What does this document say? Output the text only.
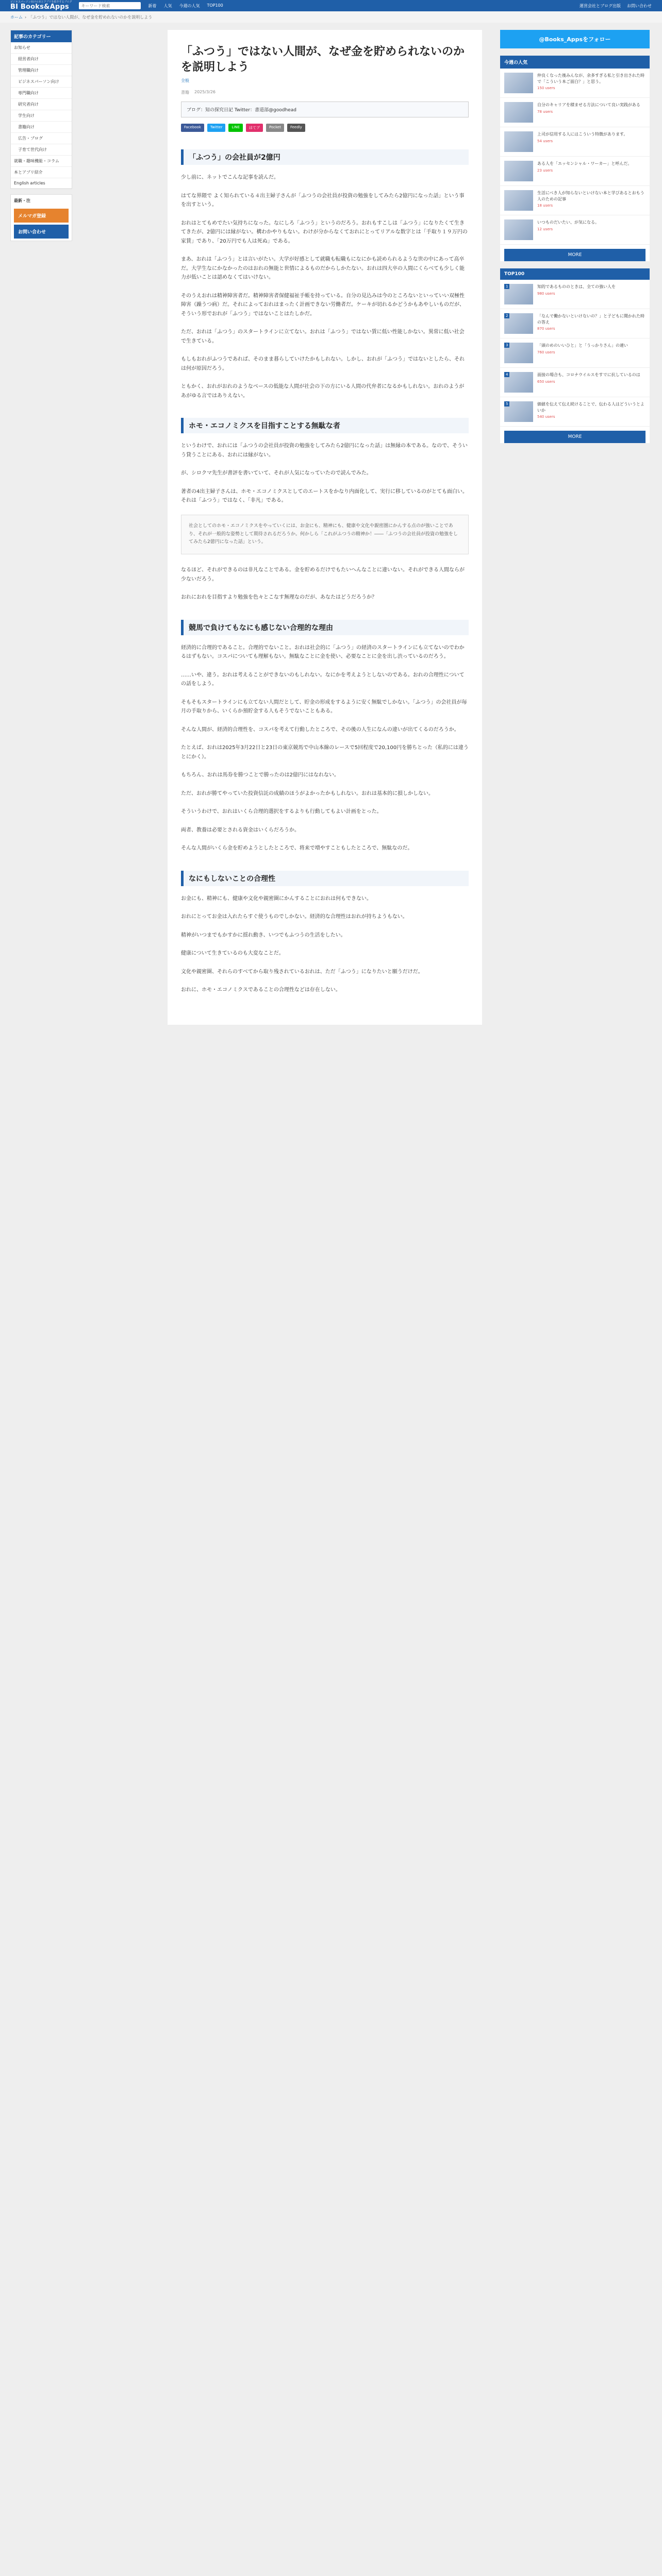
ビジネスパーソン向けの本とアプリを紹介するブログ
BI Books&Apps
キーワード検索	新着 人気 今週の人気 TOP100	運営会社とブログ出版 お問い合わせ
ホーム › 「ふつう」ではない人間が、なぜ金を貯めれないのかを説明しよう
記事のカテゴリー
お知らせ
経営者向け
管理職向け
ビジネスパーソン向け
専門職向け
研究者向け
学生向け
書籍向け
広告・ブログ
子育て世代向け
就職・趣味機能・コラム
本とアプリ紹介
English articles
最新・注
メルマガ登録
お問い合わせ
「ふつう」ではない人間が、なぜ金を貯められないのかを説明しよう
全般
書籍 2025/3/26
ブログ：知の探究日記 Twitter：書道部@goodhead
Facebook	Twitter	LINE	はてブ	Pocket	Feedly
「ふつう」の会社員が2億円

少し前に、ネットでこんな記事を読んだ。

はてな界隈で よく知られている４出主婦子さんが「ふつうの会社員が投資の勉強をしてみたら2億円になった話」という事を出すという。

おれはとてもめでたい気持ちになった。なにしろ「ふつう」というのだろう。おれもすこしは「ふつう」になりたくて生きてきたが、2億円には縁がない。構わかやりもない。わけが分からなくておれにとってリアルな数字とは「手取り１９万円の家賃」であり、「20万円でも人は死ぬ」である。

まあ、おれは「ふつう」とは言いがたい。大学が好感として就職も転職もになにかも読められるような世の中にあって高卒だ。大学生なにかなかったのはおれの無能と世情によるものだからしかたない。おれは四大卒の人間にくらべても少しく能力が低いことは認めなくてはいけない。

そのうえおれは精神障害者だ。精神障害者保健福祉手帳を持っている。自分の見込みは今のところないといっていい双極性障害（躁うつ病）だ。それによっておれはまったく計画できない労働者だ。ケーキが切れるかどうかもあやしいものだが、そういう形でおれが「ふつう」ではないことはたしかだ。

ただ、おれは「ふつう」のスタートラインに立てない。おれは「ふつう」ではない賃に低い性能しかない。異常に低い社会で生きている。

もしもおれがふつうであれば、そのまま暮らしていけたかもしれない。しかし、おれが「ふつう」ではないとしたら、それは何が原因だろう。

ともかく、おれがおれのようなベースの低能な人間が社会の下の方にいる人間の代弁者になるかもしれない。おれのようがあがゆる言ではありえない。

ホモ・エコノミクスを目指すことする無駄な者

というわけで、おれには「ふつうの会社員が投資の勉強をしてみたら2億円になった話」は無縁の本である。なので、そういう貸うことにある、おれには縁がない。

が、シロクマ先生が書評を書いていて、それが人気になっていたので読んでみた。

著者の4出主婦子さんは、ホモ・エコノミクスとしてのエートスをかなり内面化して、実行に移しているのがとても面白い。それは「ふつう」ではなく、「非凡」である。

社会としてのホモ・エコノミクスをやっていくには、お金にも、精神にも、健康や文化や親密圏にかんする点のが強いことであり、それが一般的な姿勢として期待されるだろうか。何かしら「これがふつうの精神か！――「ふつうの会社員が投資の勉強をしてみたら2億円になった話」という。

なるほど、それができるのは非凡なことである。金を貯めるだけでもたいへんなことに違いない。それができる人間ならが少ないだろう。

おれにおれを目指すより勉強を色々とこなす無理なのだが、あなたはどうだろうか？

競馬で負けてもなにも感じない合理的な理由

経済的に合理的であること。合理的でないこと。おれは社会的に「ふつう」の経済のスタートラインにも立てないのでわかるはずもない。コスパについても理解もない。無駄なことに金を使い、必要なことに金を出し渋っているのだろう。

……いや、違う。おれは考えることができないのもしれない。なにかを考えようとしないのである。おれの合理性についての話をしよう。

そもそもスタートラインにも立てない人間だとして、貯金の形成をするように安く無駄でしかない。「ふつう」の会社員が毎月の手取りから、いくらか預貯金する人もそうでないこともある。

そんな人間が、経済的合理性を、コスパを考えて行動したところで、その後の人生になんの違いが出てくるのだろうか。

たとえば、おれは2025年3月22日と23日の東京競馬で中山本線のレースで5回程度で20,100円を勝ちとった（私的には違うとにかく）。

もちろん、おれは馬券を勝つことで勝ったのは2億円にはなれない。

ただ、おれが勝てやっていた投資信託の成績のほうがよかったかもしれない。おれは基本的に損しかしない。

そういうわけで、おれはいくら合理的選択をするよりも行動してもよい計画をとった。

両者、教養は必要とされる資金はいくらだろうか。

そんな人間がいくら金を貯めようとしたところで、将来で増やすこともしたところで、無駄なのだ。

なにもしないことの合理性

お金にも、精神にも、健康や文化や親密圏にかんすることにおれは何もできない。

おれにとってお金は入れたらすぐ使うものでしかない。経済的な合理性はおれが持ちようもない。

精神がいつまでもかすかに揺れ動き、いつでもふつうの生活をしたい。

健康について生きているのも大変なことだ。

文化や親密圏、それらのすべてから取り残されているおれは、ただ「ふつう」になりたいと願うだけだ。

おれに、ホモ・エコノミクスであることの合理性などは存在しない。

@Books_Appsをフォロー
今週の人気
仲良くなった後みんなが、余多すぎる私と引き出された時で「こういう本ご面白？」と思う。
150 users
自分のキャリアを積ませる方法について良い実践がある
78 users
上司が信用する人にはこういう特徴があります。
54 users
ある人を「エッセンシャル・ワーカー」と呼んだ。
23 users
生活にべき人が知らないといけない本と学びあるとおもう人のための記事
18 users
いつものだいたい、が気になる。
12 users
MORE
TOP100
1	知的であるもののときは、全ての強い人を
980 users
2	「なんで働かないといけないの？」と子どもに聞かれた時の答え
870 users
3	「頭のめのいいひと」と「うっかりさん」の違い
760 users
4	面接の場合も、コロナウイルスをすでに抗しているのは
650 users
5	価値を伝えて伝え続けることで、伝わる人はどういうとよいか
540 users
MORE
